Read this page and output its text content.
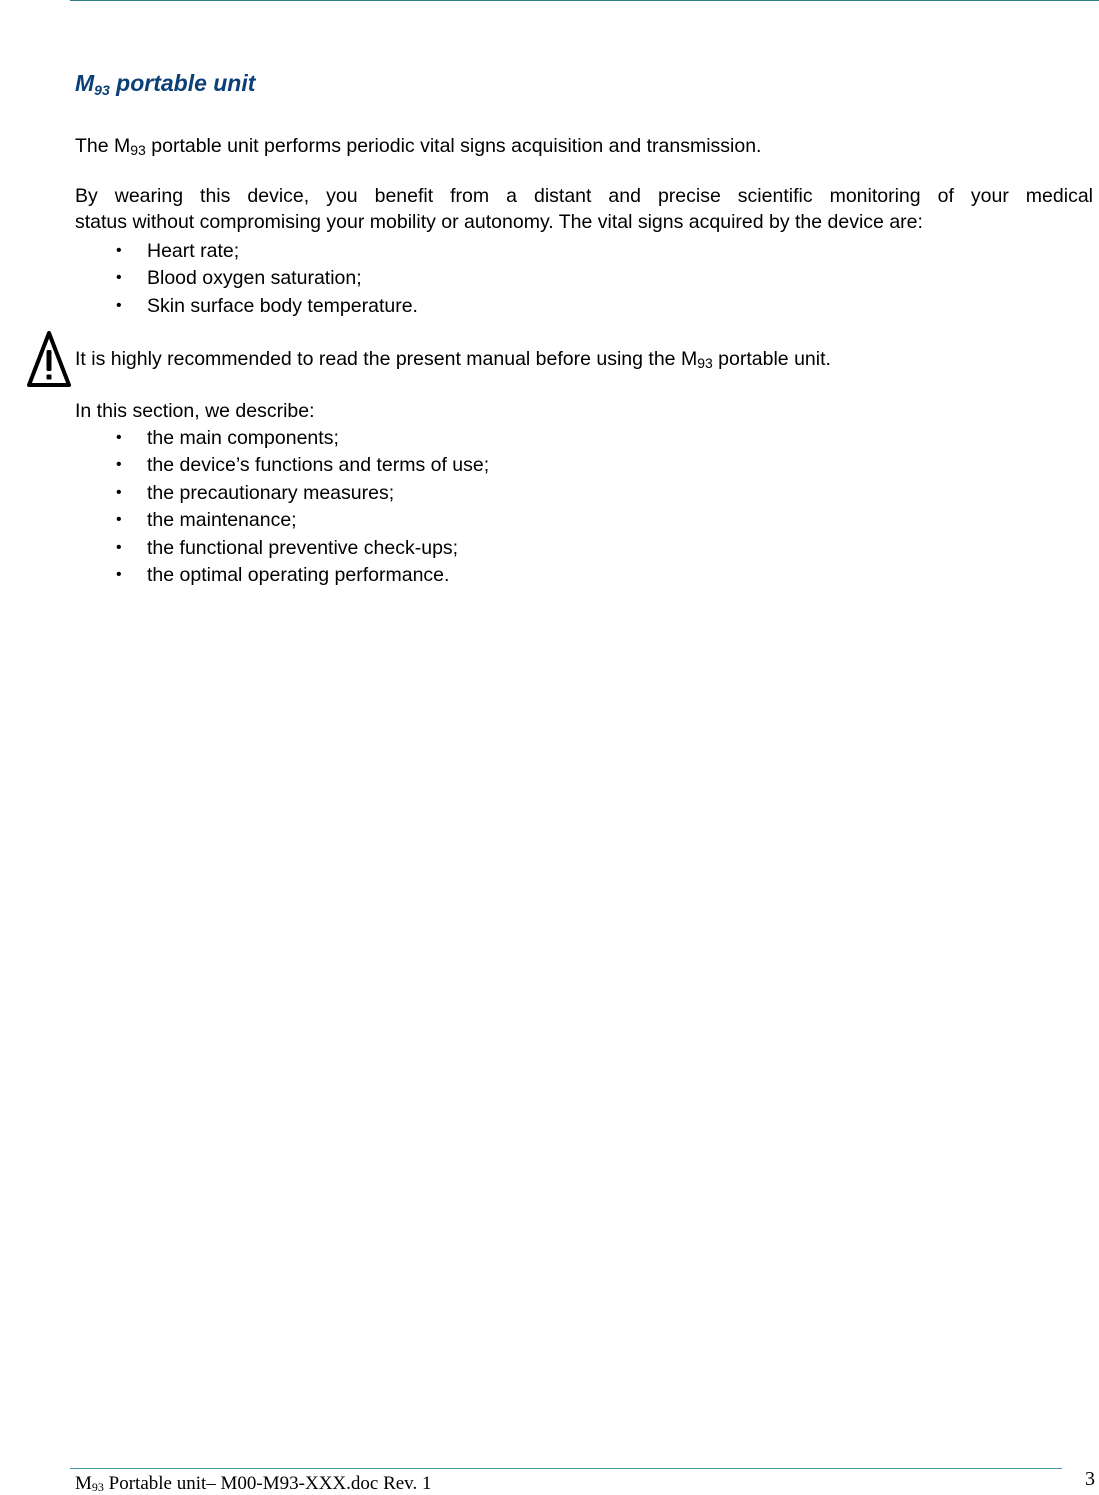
$M_{93}$ portable unit
The $M_{93}$ portable unit performs periodic vital signs acquisition and transmission.
By wearing this device, you benefit from a distant and precise scientific monitoring of your medical
status without compromising your mobility or autonomy. The vital signs acquired by the device are:
• Heart rate;
• Blood oxygen saturation;
• Skin surface body temperature.
It is highly recommended to read the present manual before using the $M_{93}$ portable unit.
In this section, we describe:
• the main components;
• the device’s functions and terms of use;
• the precautionary measures;
• the maintenance;
• the functional preventive check-ups;
• the optimal operating performance.
$M_{93}$ Portable unit– M00-M93-XXX.doc Rev. 1	3
